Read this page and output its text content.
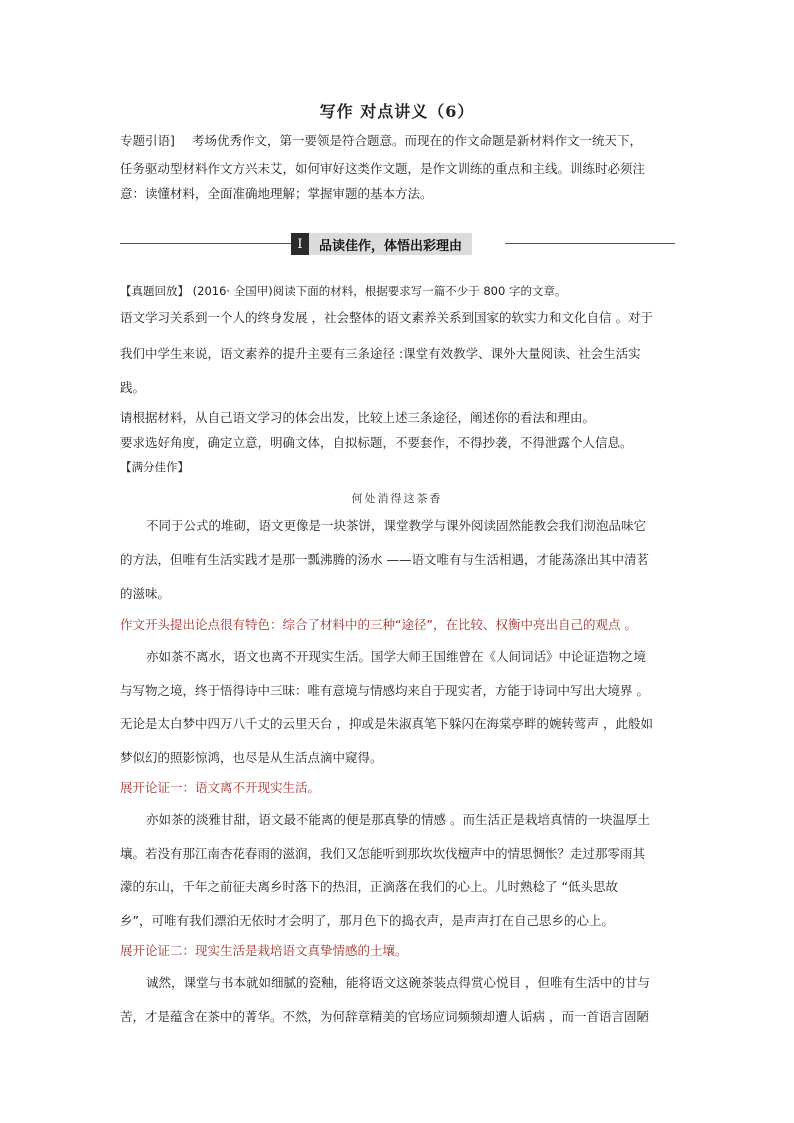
写作 对点讲义（6）
专题引语] 考场优秀作文，第一要领是符合题意。而现在的作文命题是新材料作文一统天下，
任务驱动型材料作文方兴未艾，如何审好这类作文题，是作文训练的重点和主线。训练时必须注
意：读懂材料，全面准确地理解；掌握审题的基本方法。
Ⅰ	品读佳作，体悟出彩理由
【真题回放】 (2016· 全国甲)阅读下面的材料，根据要求写一篇不少于 800 字的文章。
语文学习关系到一个人的终身发展 ，社会整体的语文素养关系到国家的软实力和文化自信 。对于
我们中学生来说，语文素养的提升主要有三条途径 :课堂有效教学、课外大量阅读、社会生活实
践。
请根据材料，从自己语文学习的体会出发，比较上述三条途径，阐述你的看法和理由。
要求选好角度，确定立意，明确文体，自拟标题，不要套作，不得抄袭，不得泄露个人信息。
【满分佳作】
何处消得这茶香
不同于公式的堆砌，语文更像是一块茶饼，课堂教学与课外阅读固然能教会我们沏泡品味它
的方法，但唯有生活实践才是那一瓢沸腾的汤水 ——语文唯有与生活相遇，才能荡涤出其中清茗
的滋味。
作文开头提出论点很有特色：综合了材料中的三种“途径”，在比较、权衡中亮出自己的观点 。
亦如茶不离水，语文也离不开现实生活。国学大师王国维曾在《人间词话》中论证造物之境
与写物之境，终于悟得诗中三昧：唯有意境与情感均来自于现实者，方能于诗词中写出大境界 。
无论是太白梦中四万八千丈的云里天台 ，抑或是朱淑真笔下躲闪在海棠亭畔的婉转莺声 ，此般如
梦似幻的照影惊鸿，也尽是从生活点滴中窥得。
展开论证一：语文离不开现实生活。
亦如茶的淡雅甘甜，语文最不能离的便是那真挚的情感 。而生活正是栽培真情的一块温厚土
壤。若没有那江南杏花春雨的滋润，我们又怎能听到那坎坎伐檀声中的情思惆怅？走过那零雨其
濛的东山，千年之前征夫离乡时落下的热泪，正滴落在我们的心上。儿时熟稔了 “低头思故
乡”，可唯有我们漂泊无依时才会明了，那月色下的捣衣声，是声声打在自己思乡的心上。
展开论证二：现实生活是栽培语文真挚情感的土壤。
诚然，课堂与书本就如细腻的瓷釉，能将语文这碗茶装点得赏心悦目 ，但唯有生活中的甘与
苦，才是蕴含在茶中的菁华。不然，为何辞章精美的官场应词频频却遭人诟病 ，而一首语言固陋
